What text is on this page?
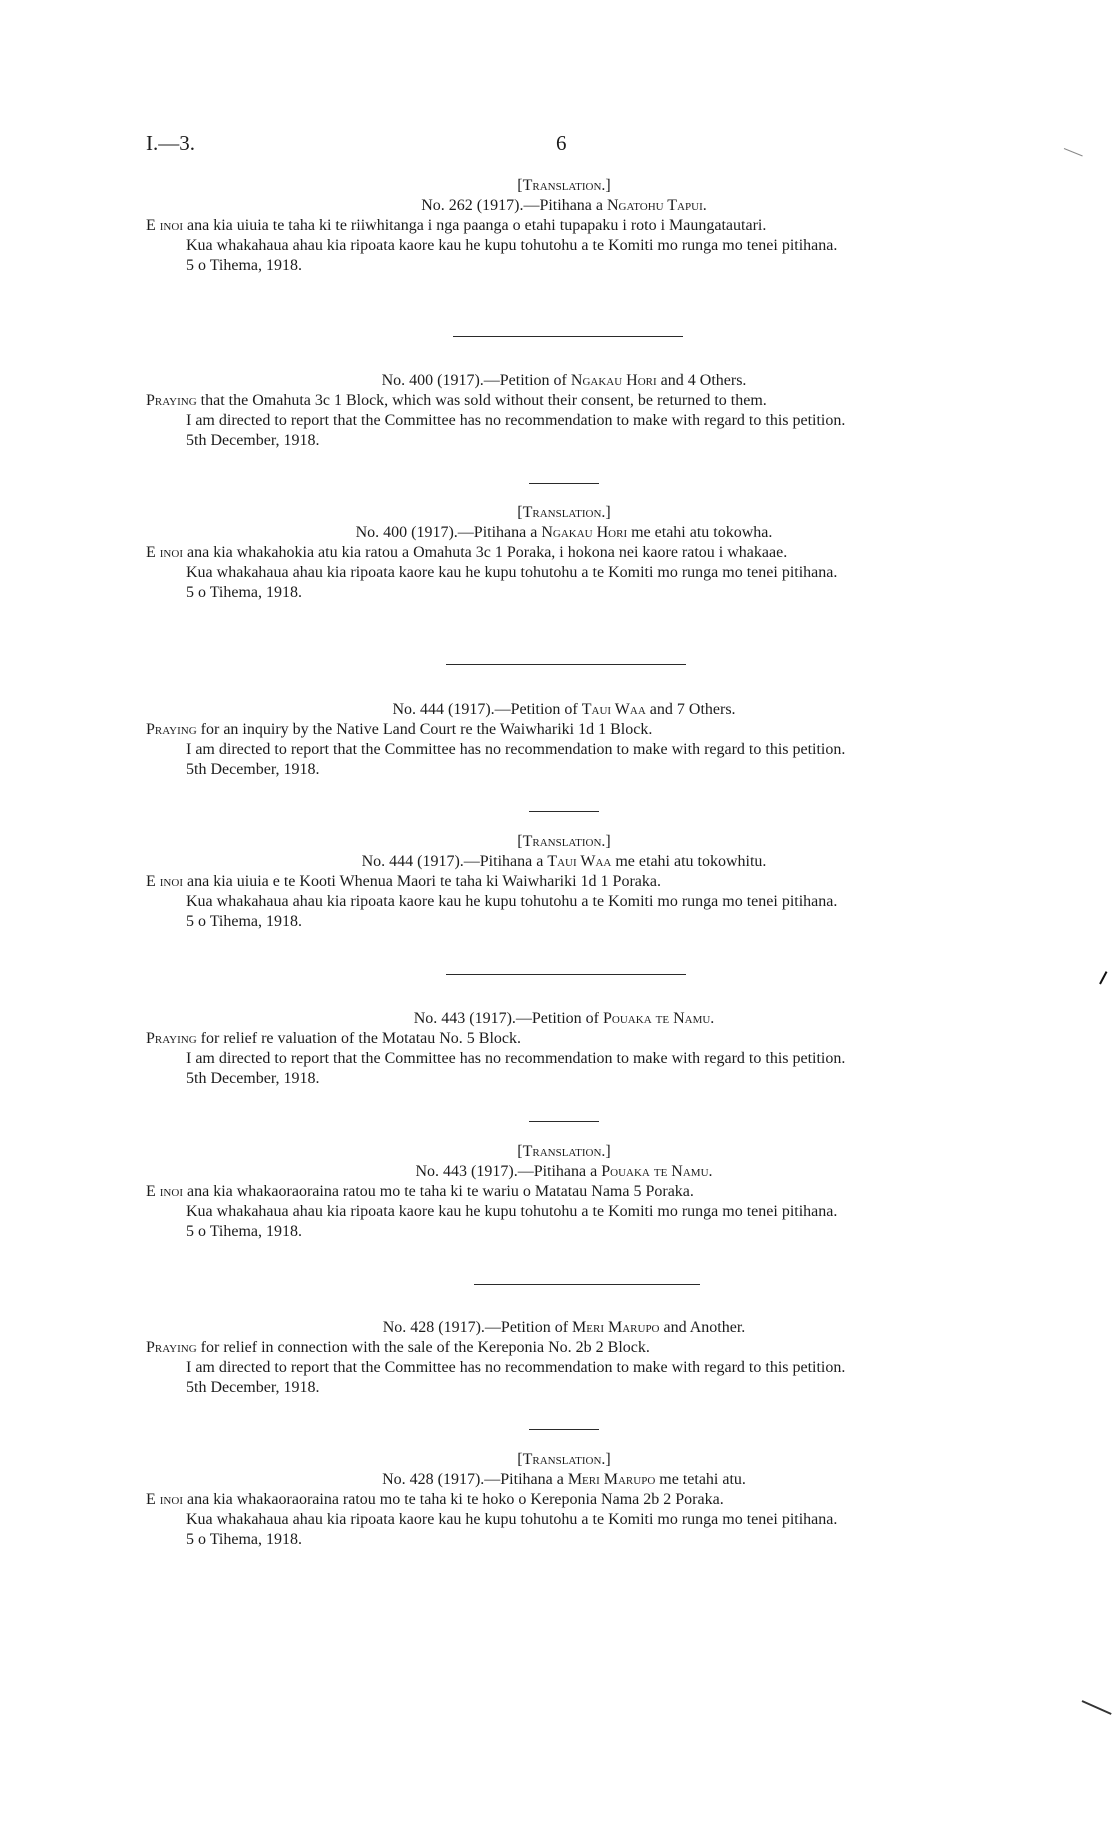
I.—3.	6
[Translation.]
No. 262 (1917).—Pitihana a Ngatohu Tapui.
E inoi ana kia uiuia te taha ki te riiwhitanga i nga paanga o etahi tupapaku i roto i Maungatautari.
Kua whakahaua ahau kia ripoata kaore kau he kupu tohutohu a te Komiti mo runga mo tenei pitihana.
5 o Tihema, 1918.
No. 400 (1917).—Petition of Ngakau Hori and 4 Others.
Praying that the Omahuta 3c 1 Block, which was sold without their consent, be returned to them.
I am directed to report that the Committee has no recommendation to make with regard to this petition.
5th December, 1918.
[Translation.]
No. 400 (1917).—Pitihana a Ngakau Hori me etahi atu tokowha.
E inoi ana kia whakahokia atu kia ratou a Omahuta 3c 1 Poraka, i hokona nei kaore ratou i whakaae.
Kua whakahaua ahau kia ripoata kaore kau he kupu tohutohu a te Komiti mo runga mo tenei pitihana.
5 o Tihema, 1918.
No. 444 (1917).—Petition of Taui Waa and 7 Others.
Praying for an inquiry by the Native Land Court re the Waiwhariki 1d 1 Block.
I am directed to report that the Committee has no recommendation to make with regard to this petition.
5th December, 1918.
[Translation.]
No. 444 (1917).—Pitihana a Taui Waa me etahi atu tokowhitu.
E inoi ana kia uiuia e te Kooti Whenua Maori te taha ki Waiwhariki 1d 1 Poraka.
Kua whakahaua ahau kia ripoata kaore kau he kupu tohutohu a te Komiti mo runga mo tenei pitihana.
5 o Tihema, 1918.
No. 443 (1917).—Petition of Pouaka te Namu.
Praying for relief re valuation of the Motatau No. 5 Block.
I am directed to report that the Committee has no recommendation to make with regard to this petition.
5th December, 1918.
[Translation.]
No. 443 (1917).—Pitihana a Pouaka te Namu.
E inoi ana kia whakaoraoraina ratou mo te taha ki te wariu o Matatau Nama 5 Poraka.
Kua whakahaua ahau kia ripoata kaore kau he kupu tohutohu a te Komiti mo runga mo tenei pitihana.
5 o Tihema, 1918.
No. 428 (1917).—Petition of Meri Marupo and Another.
Praying for relief in connection with the sale of the Kereponia No. 2b 2 Block.
I am directed to report that the Committee has no recommendation to make with regard to this petition.
5th December, 1918.
[Translation.]
No. 428 (1917).—Pitihana a Meri Marupo me tetahi atu.
E inoi ana kia whakaoraoraina ratou mo te taha ki te hoko o Kereponia Nama 2b 2 Poraka.
Kua whakahaua ahau kia ripoata kaore kau he kupu tohutohu a te Komiti mo runga mo tenei pitihana.
5 o Tihema, 1918.
